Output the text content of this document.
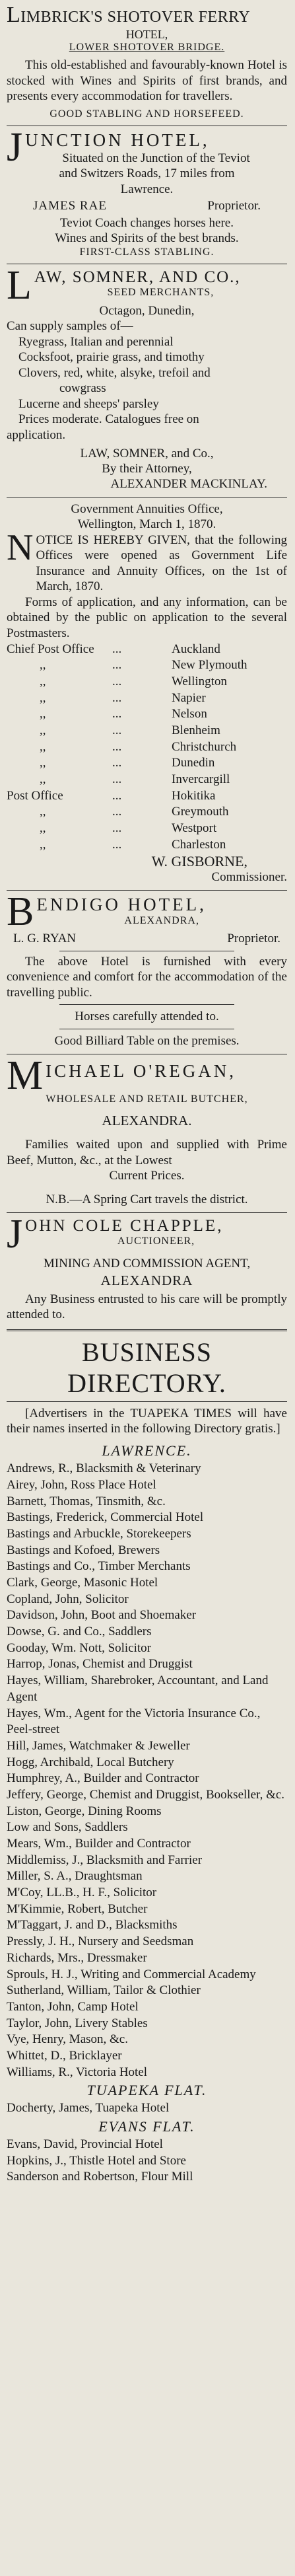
LIMBRICK'S SHOTOVER FERRY
HOTEL,
LOWER SHOTOVER BRIDGE.
This old-established and favourably-known Hotel is stocked with Wines and Spirits of first brands, and presents every accommodation for travellers.
GOOD STABLING AND HORSEFEED.
J UNCTION HOTEL,
Situated on the Junction of the Teviot
and Switzers Roads, 17 miles from
Lawrence.
JAMES RAE	Proprietor.
Teviot Coach changes horses here.
Wines and Spirits of the best brands.
FIRST-CLASS STABLING.
L AW, SOMNER, AND CO.,
SEED MERCHANTS,
Octagon, Dunedin,
Can supply samples of—
Ryegrass, Italian and perennial
Cocksfoot, prairie grass, and timothy
Clovers, red, white, alsyke, trefoil and
cowgrass
Lucerne and sheeps' parsley
Prices moderate. Catalogues free on
application.
LAW, SOMNER, and Co.,
By their Attorney,
ALEXANDER MACKINLAY.
Government Annuities Office,
Wellington, March 1, 1870.
N OTICE IS HEREBY GIVEN, that the following Offices were opened as Government Life Insurance and Annuity Offices, on the 1st of March, 1870.
Forms of application, and any information, can be obtained by the public on application to the several Postmasters.
Chief Post Office	...	Auckland
,,	...	New Plymouth
,,	...	Wellington
,,	...	Napier
,,	...	Nelson
,,	...	Blenheim
,,	...	Christchurch
,,	...	Dunedin
,,	...	Invercargill
Post Office	...	Hokitika
,,	...	Greymouth
,,	...	Westport
,,	...	Charleston
W. GISBORNE,
Commissioner.
B ENDIGO HOTEL,
ALEXANDRA,
L. G. RYAN	Proprietor.
The above Hotel is furnished with every convenience and comfort for the accommodation of the travelling public.
Horses carefully attended to.
Good Billiard Table on the premises.
M ICHAEL O'REGAN,
WHOLESALE AND RETAIL BUTCHER,
ALEXANDRA.
Families waited upon and supplied with Prime Beef, Mutton, &c., at the Lowest
Current Prices.
N.B.—A Spring Cart travels the district.
J OHN COLE CHAPPLE,
AUCTIONEER,
MINING AND COMMISSION AGENT,
ALEXANDRA
Any Business entrusted to his care will be promptly attended to.
BUSINESS DIRECTORY.
[Advertisers in the TUAPEKA TIMES will have their names inserted in the following Directory gratis.]
LAWRENCE.
Andrews, R., Blacksmith & Veterinary
Airey, John, Ross Place Hotel
Barnett, Thomas, Tinsmith, &c.
Bastings, Frederick, Commercial Hotel
Bastings and Arbuckle, Storekeepers
Bastings and Kofoed, Brewers
Bastings and Co., Timber Merchants
Clark, George, Masonic Hotel
Copland, John, Solicitor
Davidson, John, Boot and Shoemaker
Dowse, G. and Co., Saddlers
Gooday, Wm. Nott, Solicitor
Harrop, Jonas, Chemist and Druggist
Hayes, William, Sharebroker, Accountant, and Land Agent
Hayes, Wm., Agent for the Victoria Insurance Co., Peel-street
Hill, James, Watchmaker & Jeweller
Hogg, Archibald, Local Butchery
Humphrey, A., Builder and Contractor
Jeffery, George, Chemist and Druggist, Bookseller, &c.
Liston, George, Dining Rooms
Low and Sons, Saddlers
Mears, Wm., Builder and Contractor
Middlemiss, J., Blacksmith and Farrier
Miller, S. A., Draughtsman
M'Coy, LL.B., H. F., Solicitor
M'Kimmie, Robert, Butcher
M'Taggart, J. and D., Blacksmiths
Pressly, J. H., Nursery and Seedsman
Richards, Mrs., Dressmaker
Sprouls, H. J., Writing and Commercial Academy
Sutherland, William, Tailor & Clothier
Tanton, John, Camp Hotel
Taylor, John, Livery Stables
Vye, Henry, Mason, &c.
Whittet, D., Bricklayer
Williams, R., Victoria Hotel
TUAPEKA FLAT.
Docherty, James, Tuapeka Hotel
EVANS FLAT.
Evans, David, Provincial Hotel
Hopkins, J., Thistle Hotel and Store
Sanderson and Robertson, Flour Mill
